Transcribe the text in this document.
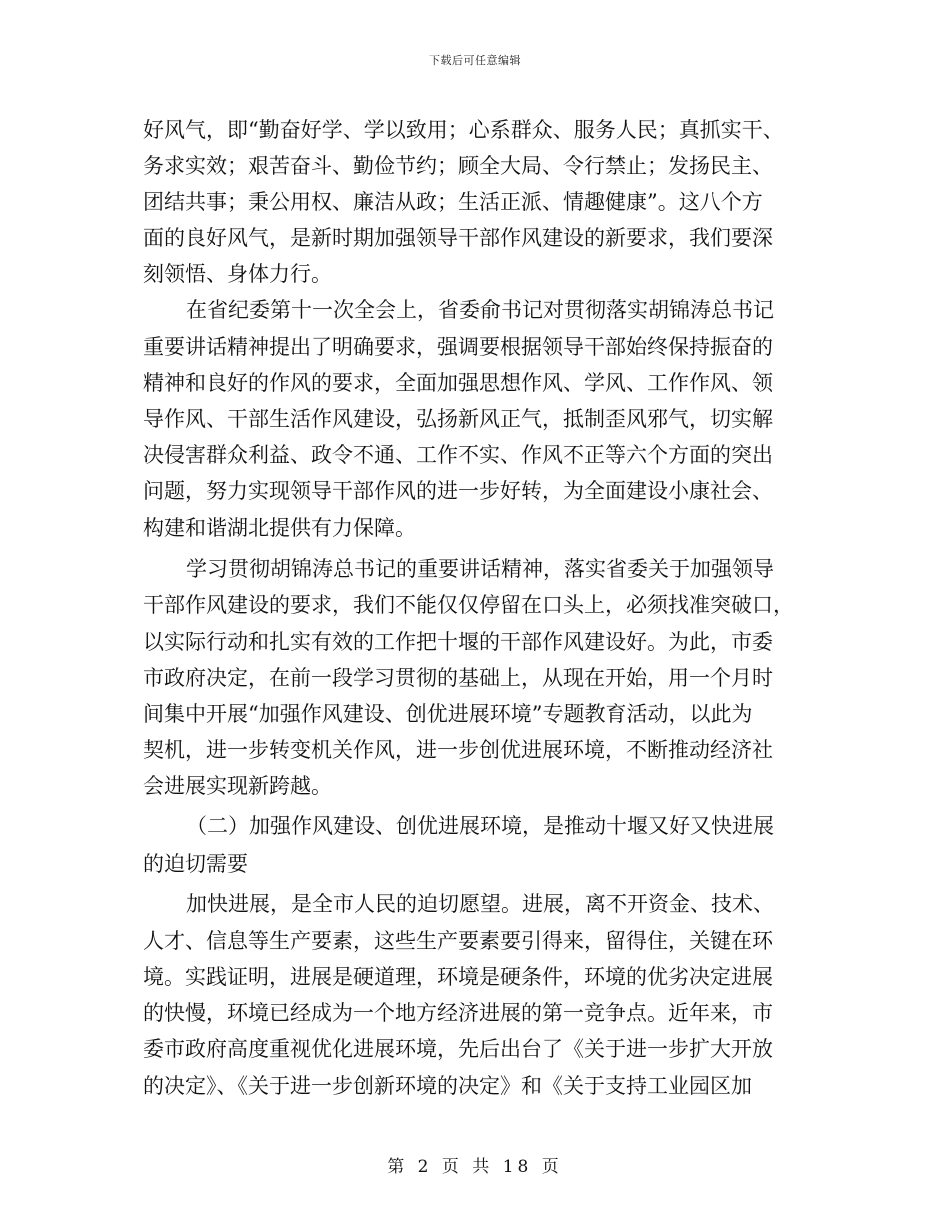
下载后可任意编辑
好风气，即“勤奋好学、学以致用；心系群众、服务人民；真抓实干、
务求实效；艰苦奋斗、勤俭节约；顾全大局、令行禁止；发扬民主、
团结共事；秉公用权、廉洁从政；生活正派、情趣健康”。这八个方
面的良好风气，是新时期加强领导干部作风建设的新要求，我们要深
刻领悟、身体力行。
在省纪委第十一次全会上，省委俞书记对贯彻落实胡锦涛总书记
重要讲话精神提出了明确要求，强调要根据领导干部始终保持振奋的
精神和良好的作风的要求，全面加强思想作风、学风、工作作风、领
导作风、干部生活作风建设，弘扬新风正气，抵制歪风邪气，切实解
决侵害群众利益、政令不通、工作不实、作风不正等六个方面的突出
问题，努力实现领导干部作风的进一步好转，为全面建设小康社会、
构建和谐湖北提供有力保障。
学习贯彻胡锦涛总书记的重要讲话精神，落实省委关于加强领导
干部作风建设的要求，我们不能仅仅停留在口头上，必须找准突破口，
以实际行动和扎实有效的工作把十堰的干部作风建设好。为此，市委
市政府决定，在前一段学习贯彻的基础上，从现在开始，用一个月时
间集中开展“加强作风建设、创优进展环境”专题教育活动，以此为
契机，进一步转变机关作风，进一步创优进展环境，不断推动经济社
会进展实现新跨越。
（二）加强作风建设、创优进展环境，是推动十堰又好又快进展
的迫切需要
加快进展，是全市人民的迫切愿望。进展，离不开资金、技术、
人才、信息等生产要素，这些生产要素要引得来，留得住，关键在环
境。实践证明，进展是硬道理，环境是硬条件，环境的优劣决定进展
的快慢，环境已经成为一个地方经济进展的第一竞争点。近年来，市
委市政府高度重视优化进展环境，先后出台了《关于进一步扩大开放
的决定》、《关于进一步创新环境的决定》和《关于支持工业园区加
第 2 页 共 18 页
